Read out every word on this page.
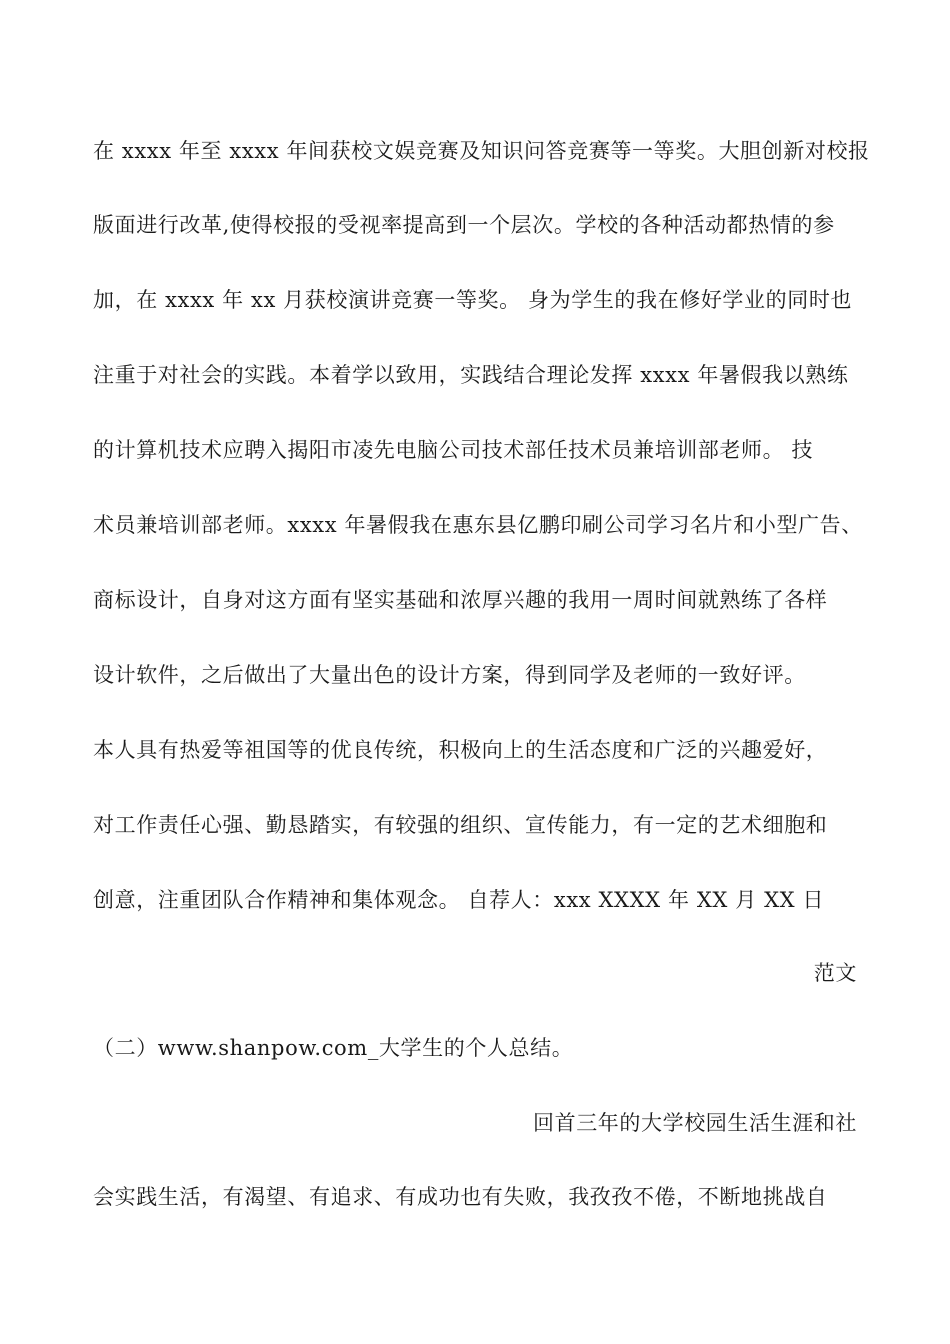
在 xxxx 年至 xxxx 年间获校文娱竞赛及知识问答竞赛等一等奖。大胆创新对校报
版面进行改革,使得校报的受视率提高到一个层次。学校的各种活动都热情的参
加，在 xxxx 年 xx 月获校演讲竞赛一等奖。 身为学生的我在修好学业的同时也
注重于对社会的实践。本着学以致用，实践结合理论发挥 xxxx 年暑假我以熟练
的计算机技术应聘入揭阳市凌先电脑公司技术部任技术员兼培训部老师。 技
术员兼培训部老师。xxxx 年暑假我在惠东县亿鹏印刷公司学习名片和小型广告、
商标设计，自身对这方面有坚实基础和浓厚兴趣的我用一周时间就熟练了各样
设计软件，之后做出了大量出色的设计方案，得到同学及老师的一致好评。
本人具有热爱等祖国等的优良传统，积极向上的生活态度和广泛的兴趣爱好，
对工作责任心强、勤恳踏实，有较强的组织、宣传能力，有一定的艺术细胞和
创意，注重团队合作精神和集体观念。 自荐人：xxx XXXX 年 XX 月 XX 日
范文
（二）www.shanpow.com_大学生的个人总结。
回首三年的大学校园生活生涯和社
会实践生活，有渴望、有追求、有成功也有失败，我孜孜不倦，不断地挑战自
